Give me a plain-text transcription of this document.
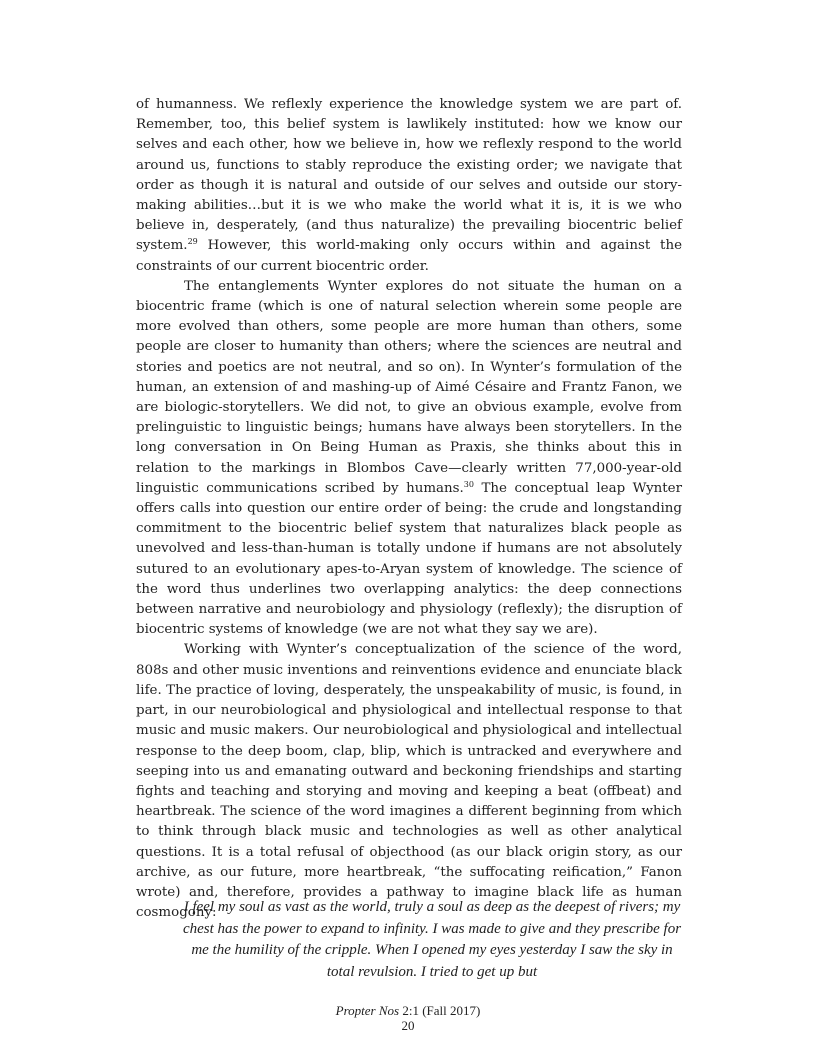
of humanness. We reflexly experience the knowledge system we are part of. Remember, too, this belief system is lawlikely instituted: how we know our selves and each other, how we believe in, how we reflexly respond to the world around us, functions to stably reproduce the existing order; we navigate that order as though it is natural and outside of our selves and outside our story-making abilities…but it is we who make the world what it is, it is we who believe in, desperately, (and thus naturalize) the prevailing biocentric belief system.$^{29}$ However, this world-making only occurs within and against the constraints of our current biocentric order.

The entanglements Wynter explores do not situate the human on a biocentric frame (which is one of natural selection wherein some people are more evolved than others, some people are more human than others, some people are closer to humanity than others; where the sciences are neutral and stories and poetics are not neutral, and so on). In Wynter’s formulation of the human, an extension of and mashing-up of Aimé Césaire and Frantz Fanon, we are biologic-storytellers. We did not, to give an obvious example, evolve from prelinguistic to linguistic beings; humans have always been storytellers. In the long conversation in On Being Human as Praxis, she thinks about this in relation to the markings in Blombos Cave—clearly written 77,000-year-old linguistic communications scribed by humans.$^{30}$ The conceptual leap Wynter offers calls into question our entire order of being: the crude and longstanding commitment to the biocentric belief system that naturalizes black people as unevolved and less-than-human is totally undone if humans are not absolutely sutured to an evolutionary apes-to-Aryan system of knowledge. The science of the word thus underlines two overlapping analytics: the deep connections between narrative and neurobiology and physiology (reflexly); the disruption of biocentric systems of knowledge (we are not what they say we are).

Working with Wynter’s conceptualization of the science of the word, 808s and other music inventions and reinventions evidence and enunciate black life. The practice of loving, desperately, the unspeakability of music, is found, in part, in our neurobiological and physiological and intellectual response to that music and music makers. Our neurobiological and physiological and intellectual response to the deep boom, clap, blip, which is untracked and everywhere and seeping into us and emanating outward and beckoning friendships and starting fights and teaching and storying and moving and keeping a beat (offbeat) and heartbreak. The science of the word imagines a different beginning from which to think through black music and technologies as well as other analytical questions. It is a total refusal of objecthood (as our black origin story, as our archive, as our future, more heartbreak, “the suffocating reification,” Fanon wrote) and, therefore, provides a pathway to imagine black life as human cosmogony:

I feel my soul as vast as the world, truly a soul as deep as the deepest of rivers; my chest has the power to expand to infinity. I was made to give and they prescribe for me the humility of the cripple. When I opened my eyes yesterday I saw the sky in total revulsion. I tried to get up but

Propter Nos 2:1 (Fall 2017)
20
